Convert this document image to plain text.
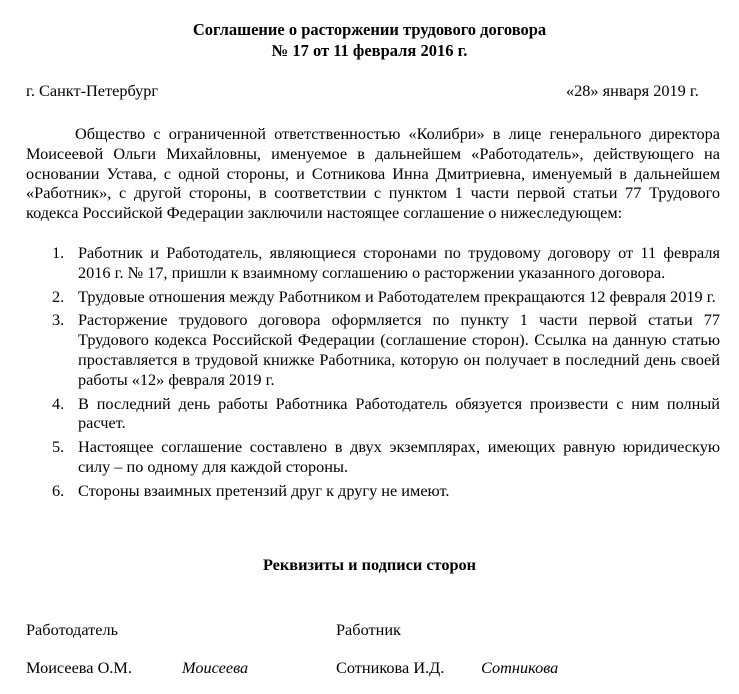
Соглашение о расторжении трудового договора
№ 17 от 11 февраля 2016 г.
г. Санкт-Петербург	«28» января 2019 г.
Общество с ограниченной ответственностью «Колибри» в лице генерального директора Моисеевой Ольги Михайловны, именуемое в дальнейшем «Работодатель», действующего на основании Устава, с одной стороны, и Сотникова Инна Дмитриевна, именуемый в дальнейшем «Работник», с другой стороны, в соответствии с пунктом 1 части первой статьи 77 Трудового кодекса Российской Федерации заключили настоящее соглашение о нижеследующем:
1. Работник и Работодатель, являющиеся сторонами по трудовому договору от 11 февраля 2016 г. № 17, пришли к взаимному соглашению о расторжении указанного договора.
2. Трудовые отношения между Работником и Работодателем прекращаются 12 февраля 2019 г.
3. Расторжение трудового договора оформляется по пункту 1 части первой статьи 77 Трудового кодекса Российской Федерации (соглашение сторон). Ссылка на данную статью проставляется в трудовой книжке Работника, которую он получает в последний день своей работы «12» февраля 2019 г.
4. В последний день работы Работника Работодатель обязуется произвести с ним полный расчет.
5. Настоящее соглашение составлено в двух экземплярах, имеющих равную юридическую силу – по одному для каждой стороны.
6. Стороны взаимных претензий друг к другу не имеют.
Реквизиты и подписи сторон
Работодатель	Работник
Моисеева О.М.	Моисеева	Сотникова И.Д. Сотникова
